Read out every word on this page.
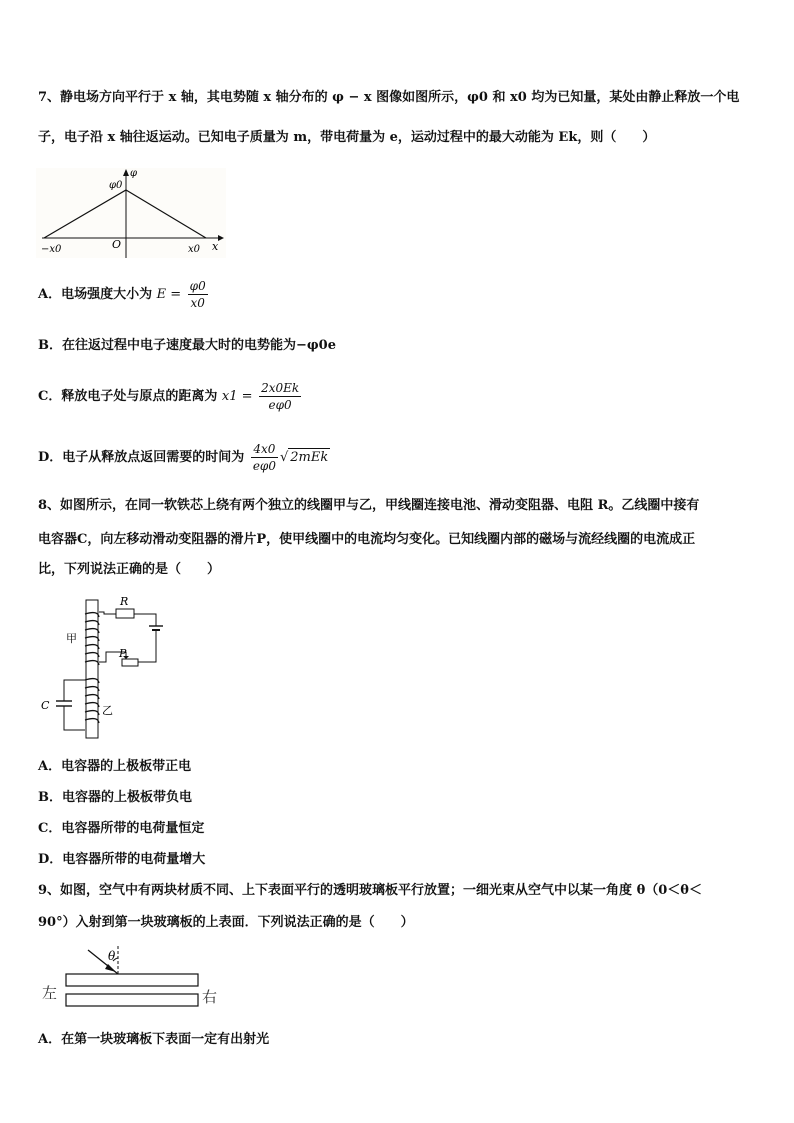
7、静电场方向平行于 x 轴，其电势随 x 轴分布的 φ − x 图像如图所示，φ0 和 x0 均为已知量，某处由静止释放一个电
子，电子沿 x 轴往返运动。已知电子质量为 m，带电荷量为 e，运动过程中的最大动能为 Ek，则（　　）
φ
φ0
−x0	O	x0 x
A．电场强度大小为 $E = \frac{\varphi 0}{x0}$
B．在往返过程中电子速度最大时的电势能为−φ0e
C．释放电子处与原点的距离为 $x1 = \frac{2x0Ek}{e\varphi 0}$
D．电子从释放点返回需要的时间为 $\frac{4x0}{e\varphi 0}$ √ 2mEk
8、如图所示，在同一软铁芯上绕有两个独立的线圈甲与乙，甲线圈连接电池、滑动变阻器、电阻 R。乙线圈中接有
电容器C，向左移动滑动变阻器的滑片P，使甲线圈中的电流均匀变化。已知线圈内部的磁场与流经线圈的电流成正
比，下列说法正确的是（　　）
R
P
甲
乙
C
A．电容器的上极板带正电
B．电容器的上极板带负电
C．电容器所带的电荷量恒定
D．电容器所带的电荷量增大
9、如图，空气中有两块材质不同、上下表面平行的透明玻璃板平行放置；一细光束从空气中以某一角度 θ（0＜θ＜
90°）入射到第一块玻璃板的上表面．下列说法正确的是（　　）
θ
左	右
A．在第一块玻璃板下表面一定有出射光
